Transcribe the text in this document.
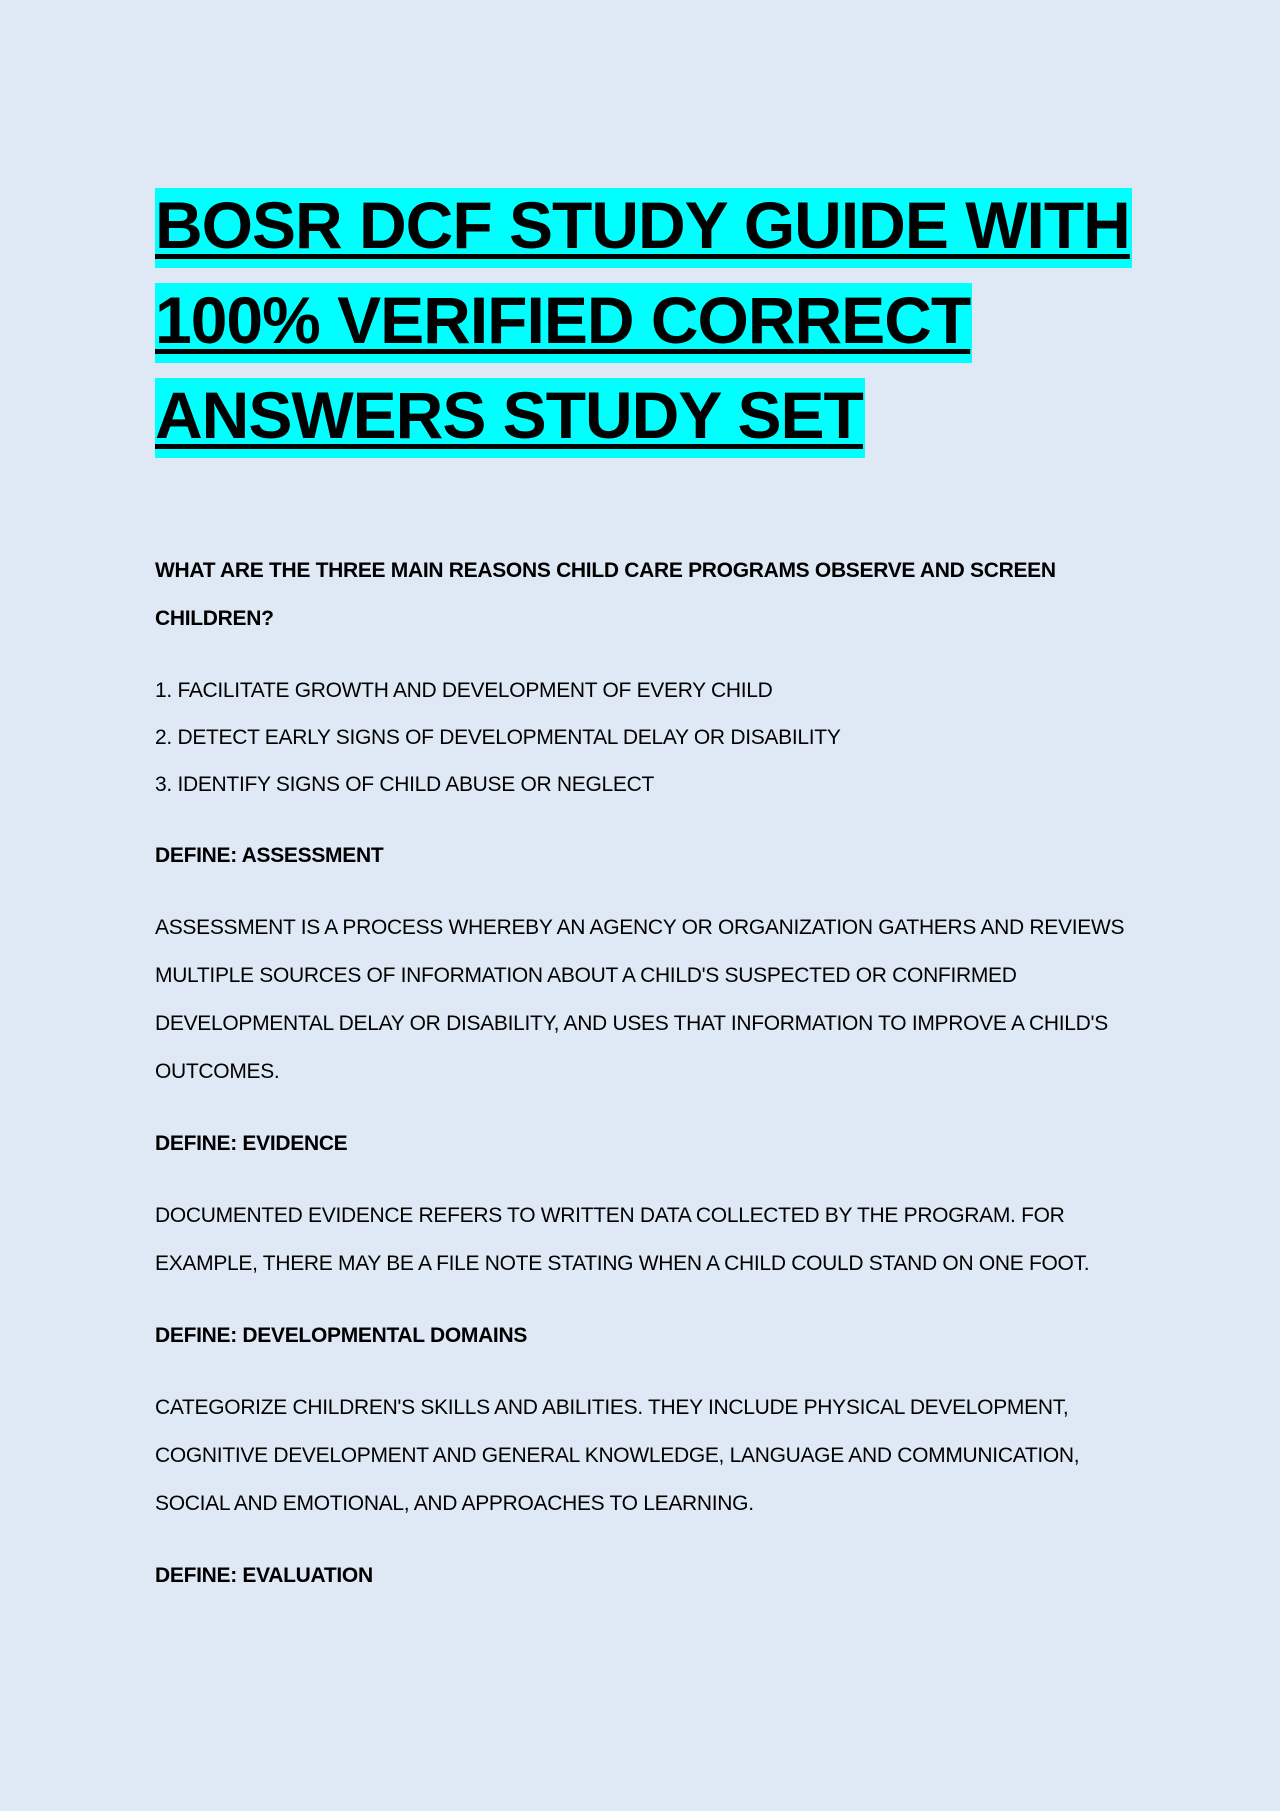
BOSR DCF STUDY GUIDE WITH
100% VERIFIED CORRECT
ANSWERS STUDY SET

WHAT ARE THE THREE MAIN REASONS CHILD CARE PROGRAMS OBSERVE AND SCREEN CHILDREN?

1. FACILITATE GROWTH AND DEVELOPMENT OF EVERY CHILD
2. DETECT EARLY SIGNS OF DEVELOPMENTAL DELAY OR DISABILITY
3. IDENTIFY SIGNS OF CHILD ABUSE OR NEGLECT

DEFINE: ASSESSMENT

ASSESSMENT IS A PROCESS WHEREBY AN AGENCY OR ORGANIZATION GATHERS AND REVIEWS MULTIPLE SOURCES OF INFORMATION ABOUT A CHILD'S SUSPECTED OR CONFIRMED DEVELOPMENTAL DELAY OR DISABILITY, AND USES THAT INFORMATION TO IMPROVE A CHILD'S OUTCOMES.

DEFINE: EVIDENCE

DOCUMENTED EVIDENCE REFERS TO WRITTEN DATA COLLECTED BY THE PROGRAM. FOR EXAMPLE, THERE MAY BE A FILE NOTE STATING WHEN A CHILD COULD STAND ON ONE FOOT.

DEFINE: DEVELOPMENTAL DOMAINS

CATEGORIZE CHILDREN'S SKILLS AND ABILITIES. THEY INCLUDE PHYSICAL DEVELOPMENT, COGNITIVE DEVELOPMENT AND GENERAL KNOWLEDGE, LANGUAGE AND COMMUNICATION, SOCIAL AND EMOTIONAL, AND APPROACHES TO LEARNING.

DEFINE: EVALUATION
